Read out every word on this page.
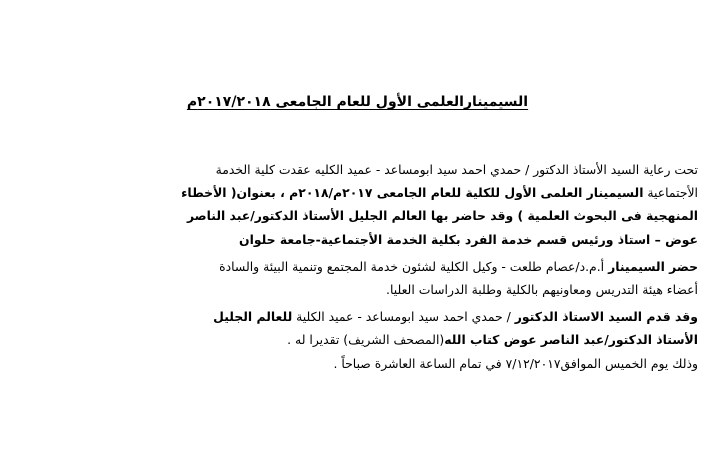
السيمينارالعلمى الأول للعام الجامعى ٢٠١٧/٢٠١٨م

تحت رعاية السيد الأستاذ الدكتور / حمدي احمد سيد ابومساعد - عميد الكليه عقدت كلية الخدمة

الأجتماعية السيمينار العلمى الأول للكلية للعام الجامعى ٢٠١٧م/٢٠١٨م ، بعنوان( الأخطاء

المنهجية فى البحوث العلمية ) وقد حاضر بها العالم الجليل الأستاذ الدكتور/عبد الناصر

عوض – استاذ ورئيس قسم خدمة الفرد بكلية الخدمة الأجتماعية-جامعة حلوان

حضر السيمينار أ.م.د/عصام طلعت - وكيل الكلية لشئون خدمة المجتمع وتنمية البيئة والسادة

أعضاء هيئة التدريس ومعاونيهم بالكلية وطلبة الدراسات العليا.

وقد قدم السيد الاستاذ الدكتور / حمدي احمد سيد ابومساعد - عميد الكلية للعالم الجليل

الأستاذ الدكتور/عبد الناصر عوض كتاب الله(المصحف الشريف) تقديرا له .

وذلك يوم الخميس الموافق٧/١٢/٢٠١٧ في تمام الساعة العاشرة صباحاً .
